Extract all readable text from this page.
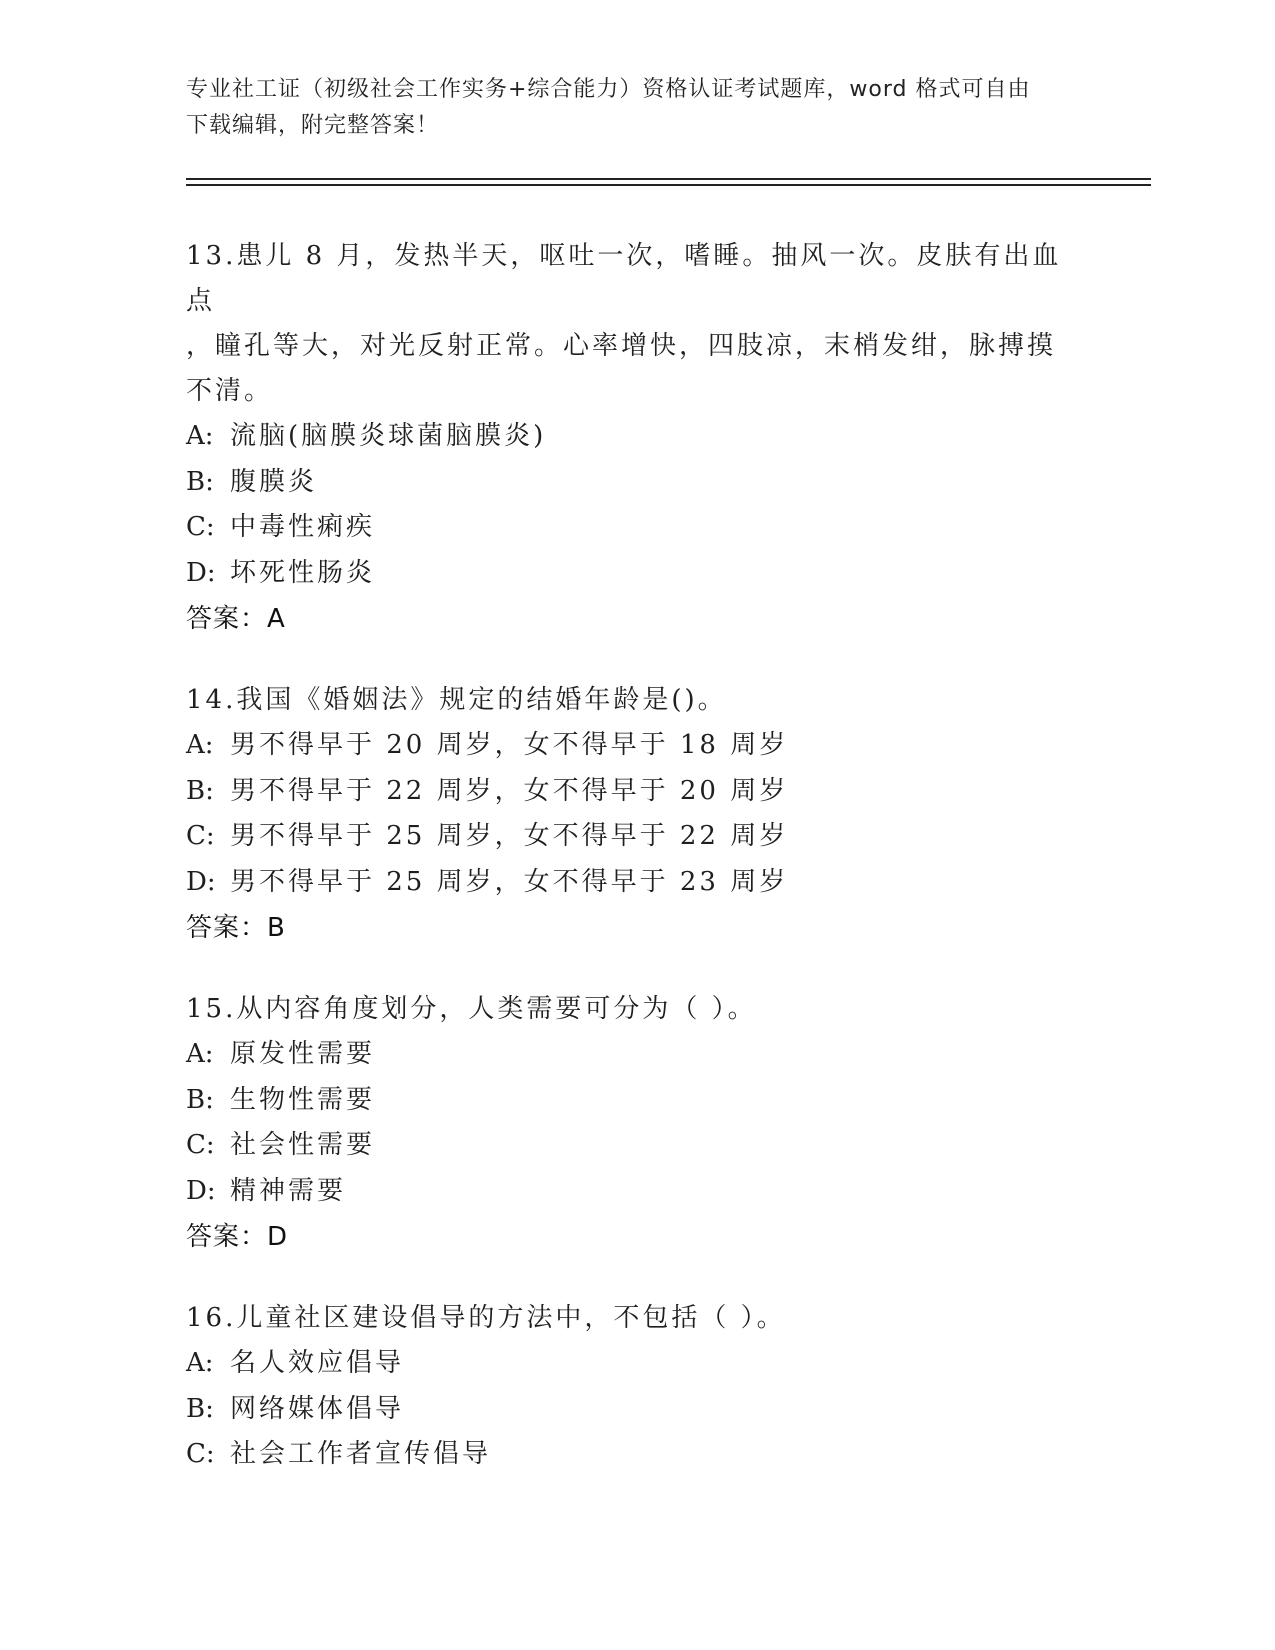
专业社工证（初级社会工作实务+综合能力）资格认证考试题库，word 格式可自由
下载编辑，附完整答案！
13.患儿 8 月，发热半天，呕吐一次，嗜睡。抽风一次。皮肤有出血点
，瞳孔等大，对光反射正常。心率增快，四肢凉，末梢发绀，脉搏摸
不清。
A: 流脑(脑膜炎球菌脑膜炎)
B: 腹膜炎
C: 中毒性痢疾
D: 坏死性肠炎
答案：A
14.我国《婚姻法》规定的结婚年龄是()。
A: 男不得早于 20 周岁，女不得早于 18 周岁
B: 男不得早于 22 周岁，女不得早于 20 周岁
C: 男不得早于 25 周岁，女不得早于 22 周岁
D: 男不得早于 25 周岁，女不得早于 23 周岁
答案：B
15.从内容角度划分，人类需要可分为（ ）。
A: 原发性需要
B: 生物性需要
C: 社会性需要
D: 精神需要
答案：D
16.儿童社区建设倡导的方法中，不包括（ ）。
A: 名人效应倡导
B: 网络媒体倡导
C: 社会工作者宣传倡导
